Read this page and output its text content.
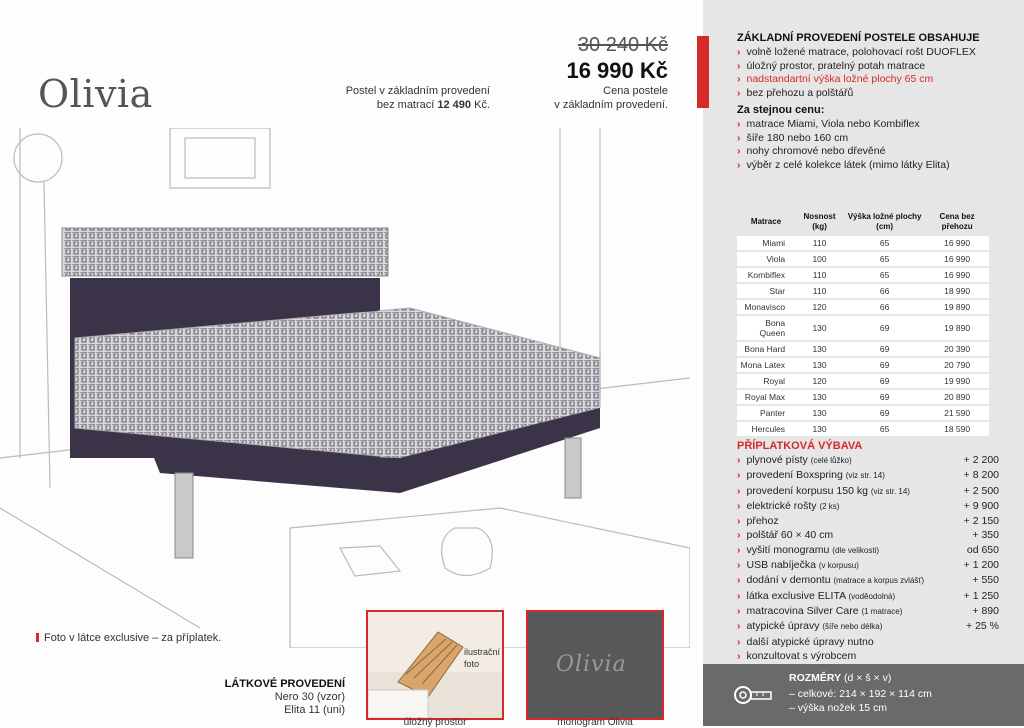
Olivia	Postel v základním provedení
bez matrací 12 490 Kč.
30 240 Kč
16 990 Kč
Cena postele
v základním provedení.
Foto v látce exclusive – za příplatek.
LÁTKOVÉ PROVEDENÍ
Nero 30 (vzor)
Elita 11 (uni)
ilustrační
foto
úložný prostor
Olivia
monogram Olivia
ZÁKLADNÍ PROVEDENÍ POSTELE OBSAHUJE
› volně ložené matrace, polohovací rošt DUOFLEX
› úložný prostor, pratelný potah matrace
› nadstandartní výška ložné plochy 65 cm
› bez přehozu a polštářů
Za stejnou cenu:
› matrace Miami, Viola nebo Kombiflex
› šíře 180 nebo 160 cm
› nohy chromové nebo dřevěné
› výběr z celé kolekce látek (mimo látky Elita)
Matrace	Nosnost (kg)	Výška ložné plochy (cm)	Cena bez přehozu
Miami	110	65	16 990
Viola	100	65	16 990
Kombiflex	110	65	16 990
Star	110	66	18 990
Monavisco	120	66	19 890
Bona Queen	130	69	19 890
Bona Hard	130	69	20 390
Mona Latex	130	69	20 790
Royal	120	69	19 990
Royal Max	130	69	20 890
Panter	130	69	21 590
Hercules	130	65	18 590
PŘÍPLATKOVÁ VÝBAVA
› plynové písty (celé lůžko)	+ 2 200
› provedení Boxspring (viz str. 14)	+ 8 200
› provedení korpusu 150 kg (viz str. 14)	+ 2 500
› elektrické rošty (2 ks)	+ 9 900
› přehoz	+ 2 150
› polštář 60 × 40 cm	+ 350
› vyšití monogramu (dle velikosti)	od 650
› USB nabíječka (v korpusu)	+ 1 200
› dodání v demontu (matrace a korpus zvlášť)	+ 550
› látka exclusive ELITA (voděodolná)	+ 1 250
› matracovina Silver Care (1 matrace)	+ 890
› atypické úpravy (šíře nebo délka)	+ 25 %
› další atypické úpravy nutno
› konzultovat s výrobcem
ROZMĚRY (d × š × v)
– celkové: 214 × 192 × 114 cm
– výška nožek 15 cm
